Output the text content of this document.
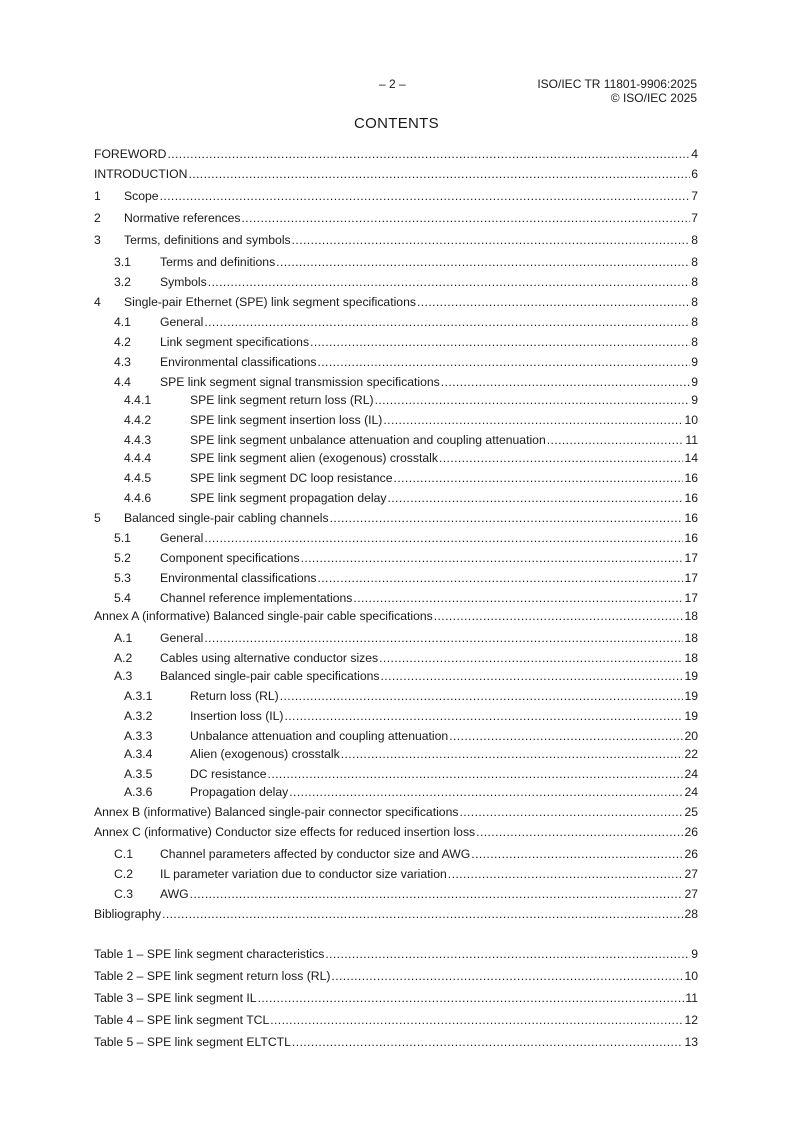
– 2 –	ISO/IEC TR 11801-9906:2025
© ISO/IEC 2025
CONTENTS
FOREWORD .....	4
INTRODUCTION .....	6
1	Scope .....	7
2	Normative references .....	7
3	Terms, definitions and symbols .....	8
3.1	Terms and definitions .....	8
3.2	Symbols .....	8
4	Single-pair Ethernet (SPE) link segment specifications .....	8
4.1	General .....	8
4.2	Link segment specifications .....	8
4.3	Environmental classifications .....	9
4.4	SPE link segment signal transmission specifications .....	9
4.4.1	SPE link segment return loss (RL) .....	9
4.4.2	SPE link segment insertion loss (IL) .....	10
4.4.3	SPE link segment unbalance attenuation and coupling attenuation .....	11
4.4.4	SPE link segment alien (exogenous) crosstalk .....	14
4.4.5	SPE link segment DC loop resistance .....	16
4.4.6	SPE link segment propagation delay .....	16
5	Balanced single-pair cabling channels .....	16
5.1	General .....	16
5.2	Component specifications .....	17
5.3	Environmental classifications .....	17
5.4	Channel reference implementations .....	17
Annex A (informative) Balanced single-pair cable specifications .....	18
A.1	General .....	18
A.2	Cables using alternative conductor sizes .....	18
A.3	Balanced single-pair cable specifications .....	19
A.3.1	Return loss (RL) .....	19
A.3.2	Insertion loss (IL) .....	19
A.3.3	Unbalance attenuation and coupling attenuation .....	20
A.3.4	Alien (exogenous) crosstalk .....	22
A.3.5	DC resistance .....	24
A.3.6	Propagation delay .....	24
Annex B (informative) Balanced single-pair connector specifications .....	25
Annex C (informative) Conductor size effects for reduced insertion loss .....	26
C.1	Channel parameters affected by conductor size and AWG .....	26
C.2	IL parameter variation due to conductor size variation .....	27
C.3	AWG .....	27
Bibliography .....	28
Table 1 – SPE link segment characteristics .....	9
Table 2 – SPE link segment return loss (RL) .....	10
Table 3 – SPE link segment IL .....	11
Table 4 – SPE link segment TCL .....	12
Table 5 – SPE link segment ELTCTL .....	13
